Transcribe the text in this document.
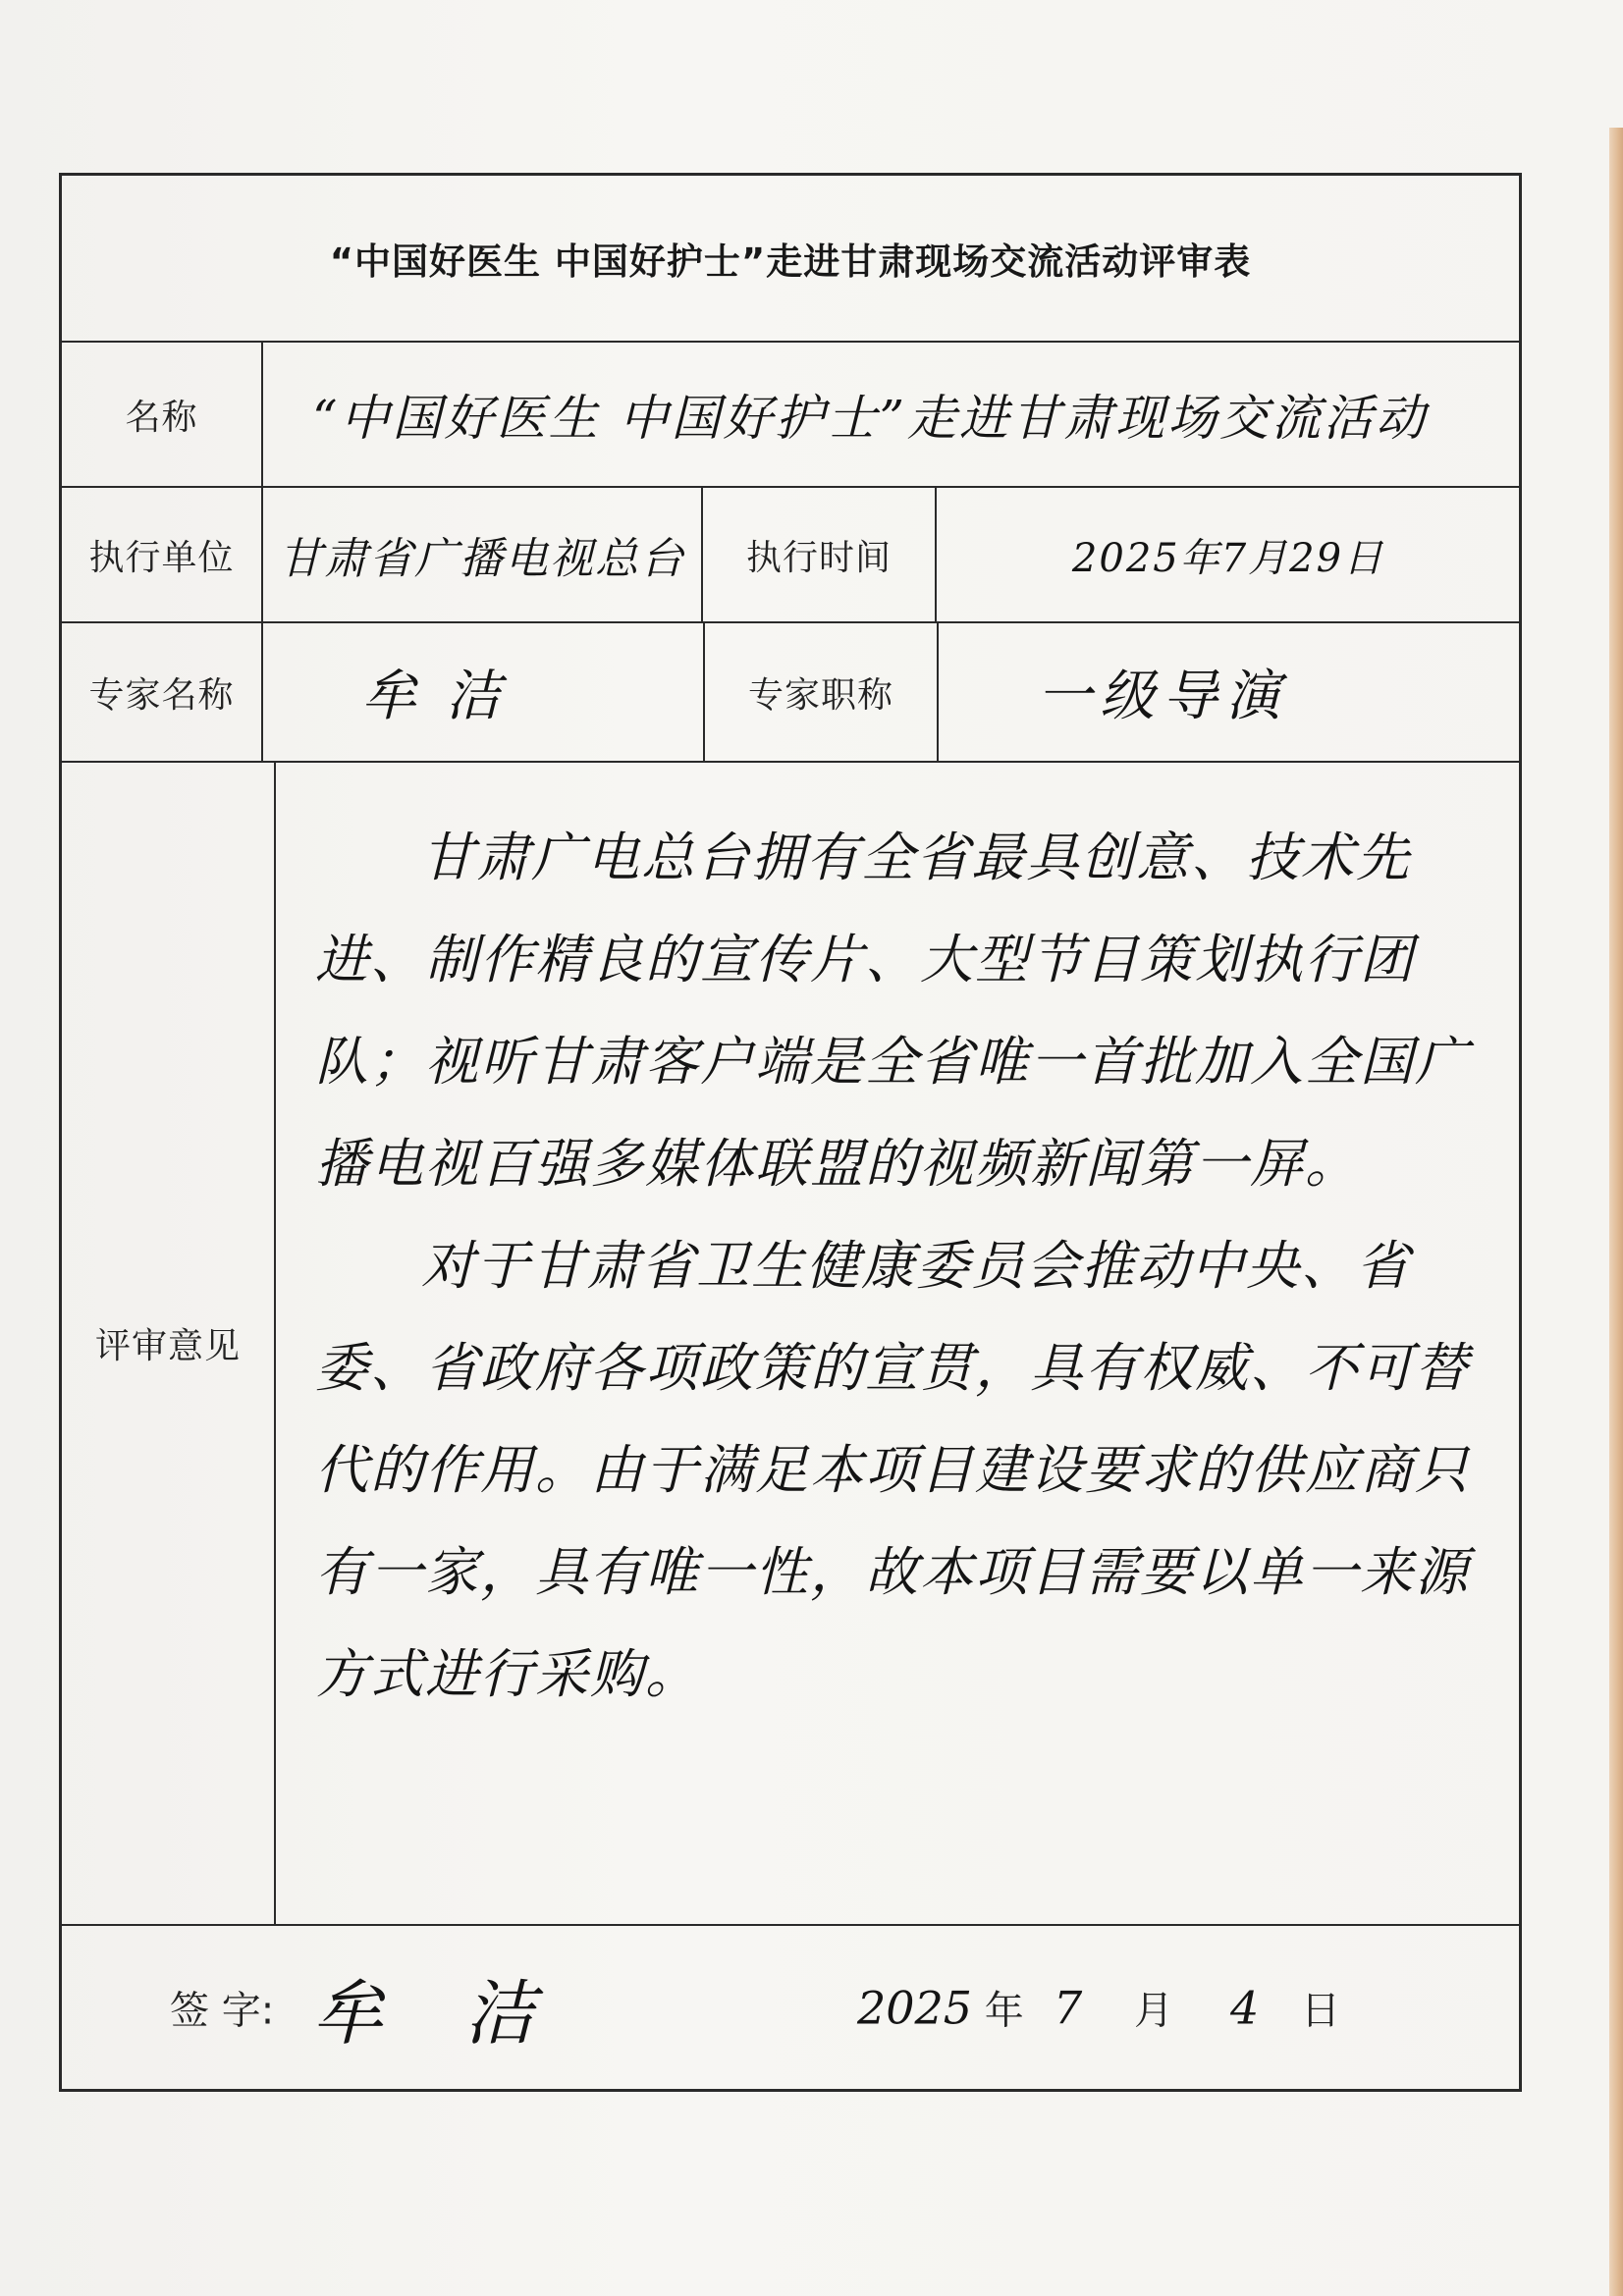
“中国好医生 中国好护士”走进甘肃现场交流活动评审表
名称 “中国好医生 中国好护士”走进甘肃现场交流活动
执行单位 甘肃省广播电视总台 执行时间	2025年7月29日
专家名称 牟 洁	专家职称	一级导演
评审意见

甘肃广电总台拥有全省最具创意、技术先进、制作精良的宣传片、大型节目策划执行团队；视听甘肃客户端是全省唯一首批加入全国广播电视百强多媒体联盟的视频新闻第一屏。

对于甘肃省卫生健康委员会推动中央、省委、省政府各项政策的宣贯，具有权威、不可替代的作用。由于满足本项目建设要求的供应商只有一家，具有唯一性，故本项目需要以单一来源方式进行采购。

签 字: 牟 洁	2025 年 7 月 4 日
